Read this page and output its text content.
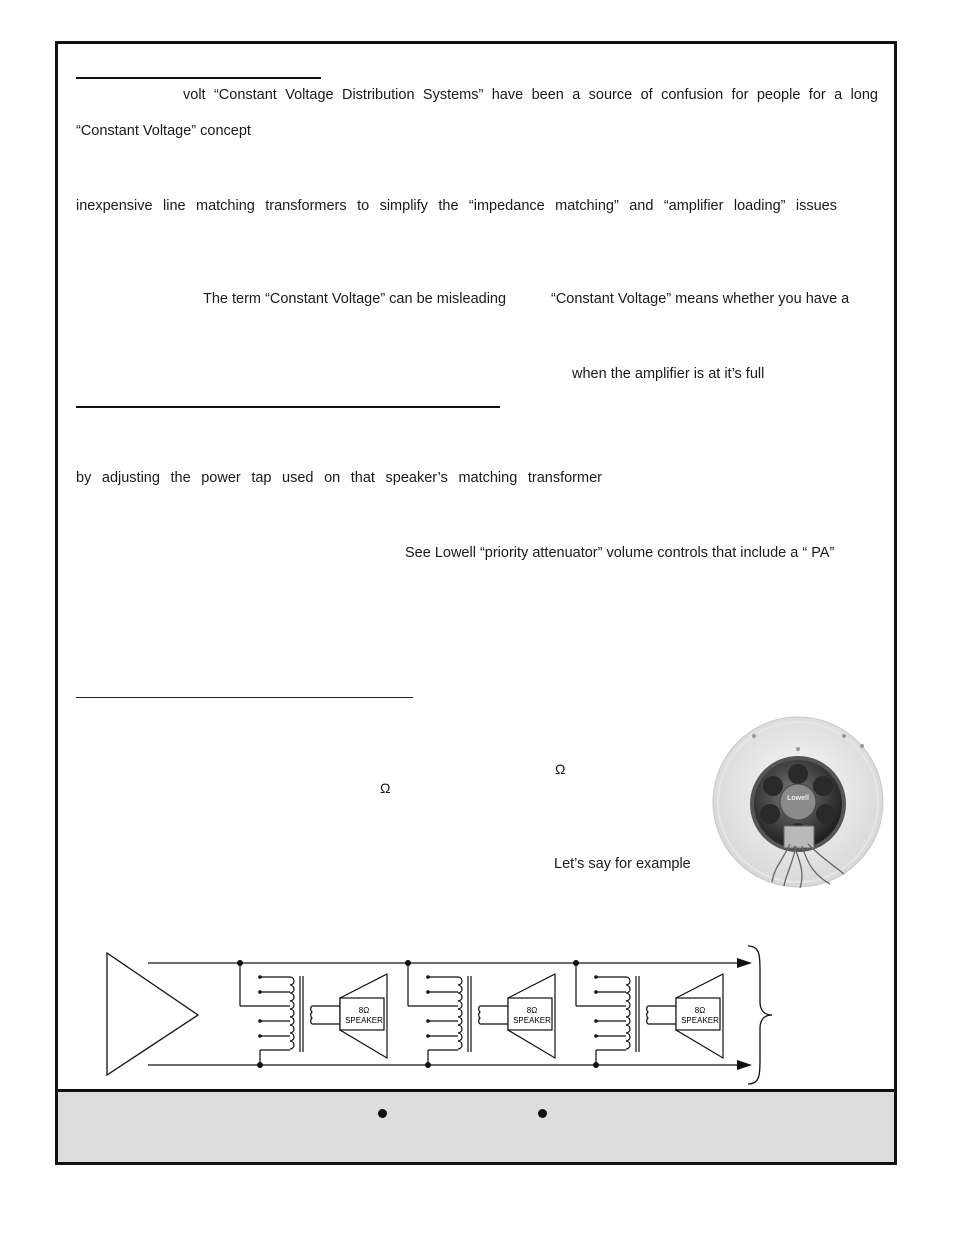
volt “Constant Voltage Distribution Systems” have been a source of confusion for people for a long
“Constant Voltage” concept
inexpensive line matching transformers to simplify the “impedance matching” and “amplifier loading” issues
The term “Constant Voltage” can be misleading	“Constant Voltage” means whether you have a
when the amplifier is at it’s full
by adjusting the power tap used on that speaker’s matching transformer
See Lowell “priority attenuator” volume controls that include a “ PA”
Ω
Ω
Let’s say for example
Lowell
8Ω
SPEAKER
8Ω
SPEAKER
8Ω
SPEAKER
